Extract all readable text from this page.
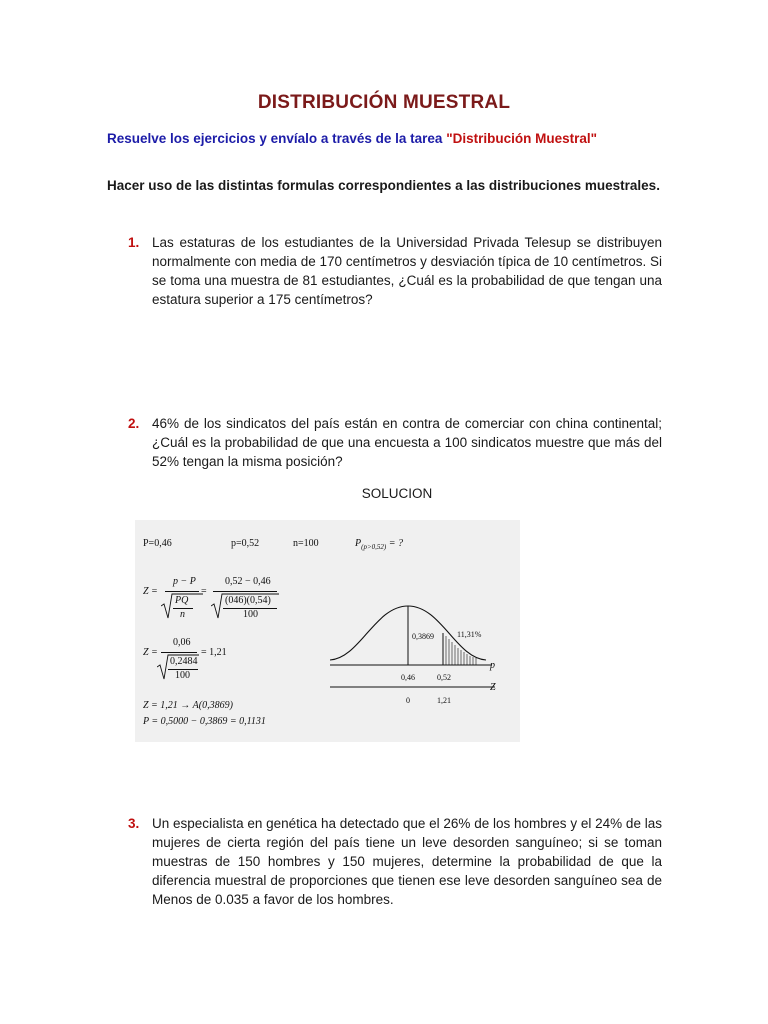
DISTRIBUCIÓN MUESTRAL
Resuelve los ejercicios y envíalo a través de la tarea "Distribución Muestral"
Hacer uso de las distintas formulas correspondientes a las distribuciones muestrales.
1. Las estaturas de los estudiantes de la Universidad Privada Telesup se distribuyen normalmente con media de 170 centímetros y desviación típica de 10 centímetros. Si se toma una muestra de 81 estudiantes, ¿Cuál es la probabilidad de que tengan una estatura superior a 175 centímetros?
2. 46% de los sindicatos del país están en contra de comerciar con china continental; ¿Cuál es la probabilidad de que una encuesta a 100 sindicatos muestre que más del 52% tengan la misma posición?
SOLUCION
P=0,46	p=0,52	n=100	$P_{(p>0,52)}$ = ?
Z =
p − P
PQ
n
=
0,52 − 0,46
(046)(0,54)
100
Z =
0,06
0,2484
100
= 1,21
Z = 1,21 → A(0,3869)
P = 0,5000 − 0,3869 = 0,1131
0,3869	11,31%
p
Z
0,46	0,52
0	1,21
3. Un especialista en genética ha detectado que el 26% de los hombres y el 24% de las mujeres de cierta región del país tiene un leve desorden sanguíneo; si se toman muestras de 150 hombres y 150 mujeres, determine la probabilidad de que la diferencia muestral de proporciones que tienen ese leve desorden sanguíneo sea de Menos de 0.035 a favor de los hombres.
